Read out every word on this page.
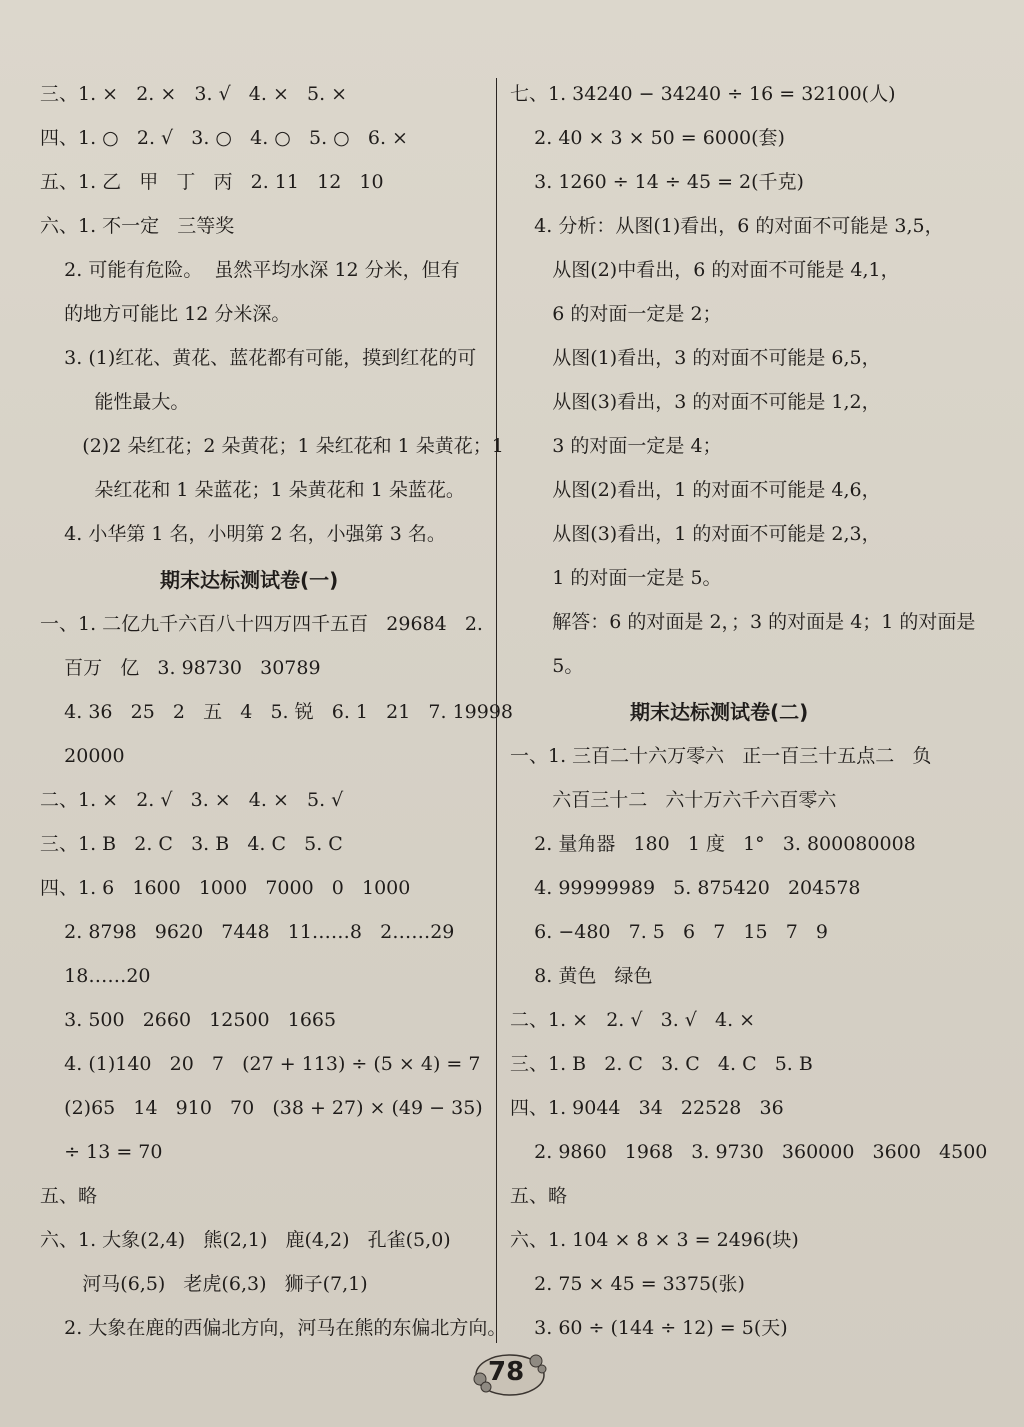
三、1. ×   2. ×   3. √   4. ×   5. ×
四、1. ○   2. √   3. ○   4. ○   5. ○   6. ×
五、1. 乙   甲   丁   丙   2. 11   12   10
六、1. 不一定   三等奖
2. 可能有危险。  虽然平均水深 12 分米，但有
的地方可能比 12 分米深。
3. (1)红花、黄花、蓝花都有可能，摸到红花的可
能性最大。
(2)2 朵红花；2 朵黄花；1 朵红花和 1 朵黄花；1
朵红花和 1 朵蓝花；1 朵黄花和 1 朵蓝花。
4. 小华第 1 名，小明第 2 名，小强第 3 名。
期末达标测试卷(一)
一、1. 二亿九千六百八十四万四千五百   29684   2.
百万   亿   3. 98730   30789
4. 36   25   2   五   4   5. 锐   6. 1   21   7. 19998
20000
二、1. ×   2. √   3. ×   4. ×   5. √
三、1. B   2. C   3. B   4. C   5. C
四、1. 6   1600   1000   7000   0   1000
2. 8798   9620   7448   11……8   2……29
18……20
3. 500   2660   12500   1665
4. (1)140   20   7   (27 + 113) ÷ (5 × 4) = 7
(2)65   14   910   70   (38 + 27) × (49 − 35)
÷ 13 = 70
五、略
六、1. 大象(2,4)   熊(2,1)   鹿(4,2)   孔雀(5,0)
河马(6,5)   老虎(6,3)   狮子(7,1)
2. 大象在鹿的西偏北方向，河马在熊的东偏北方向。
七、1. 34240 − 34240 ÷ 16 = 32100(人)
2. 40 × 3 × 50 = 6000(套)
3. 1260 ÷ 14 ÷ 45 = 2(千克)
4. 分析：从图(1)看出，6 的对面不可能是 3,5，
从图(2)中看出，6 的对面不可能是 4,1，
6 的对面一定是 2；
从图(1)看出，3 的对面不可能是 6,5，
从图(3)看出，3 的对面不可能是 1,2，
3 的对面一定是 4；
从图(2)看出，1 的对面不可能是 4,6，
从图(3)看出，1 的对面不可能是 2,3，
1 的对面一定是 5。
解答：6 的对面是 2，；3 的对面是 4；1 的对面是
5。
期末达标测试卷(二)
一、1. 三百二十六万零六   正一百三十五点二   负
六百三十二   六十万六千六百零六
2. 量角器   180   1 度   1°   3. 800080008
4. 99999989   5. 875420   204578
6. −480   7. 5   6   7   15   7   9
8. 黄色   绿色
二、1. ×   2. √   3. √   4. ×
三、1. B   2. C   3. C   4. C   5. B
四、1. 9044   34   22528   36
2. 9860   1968   3. 9730   360000   3600   4500
五、略
六、1. 104 × 8 × 3 = 2496(块)
2. 75 × 45 = 3375(张)
3. 60 ÷ (144 ÷ 12) = 5(天)
78
